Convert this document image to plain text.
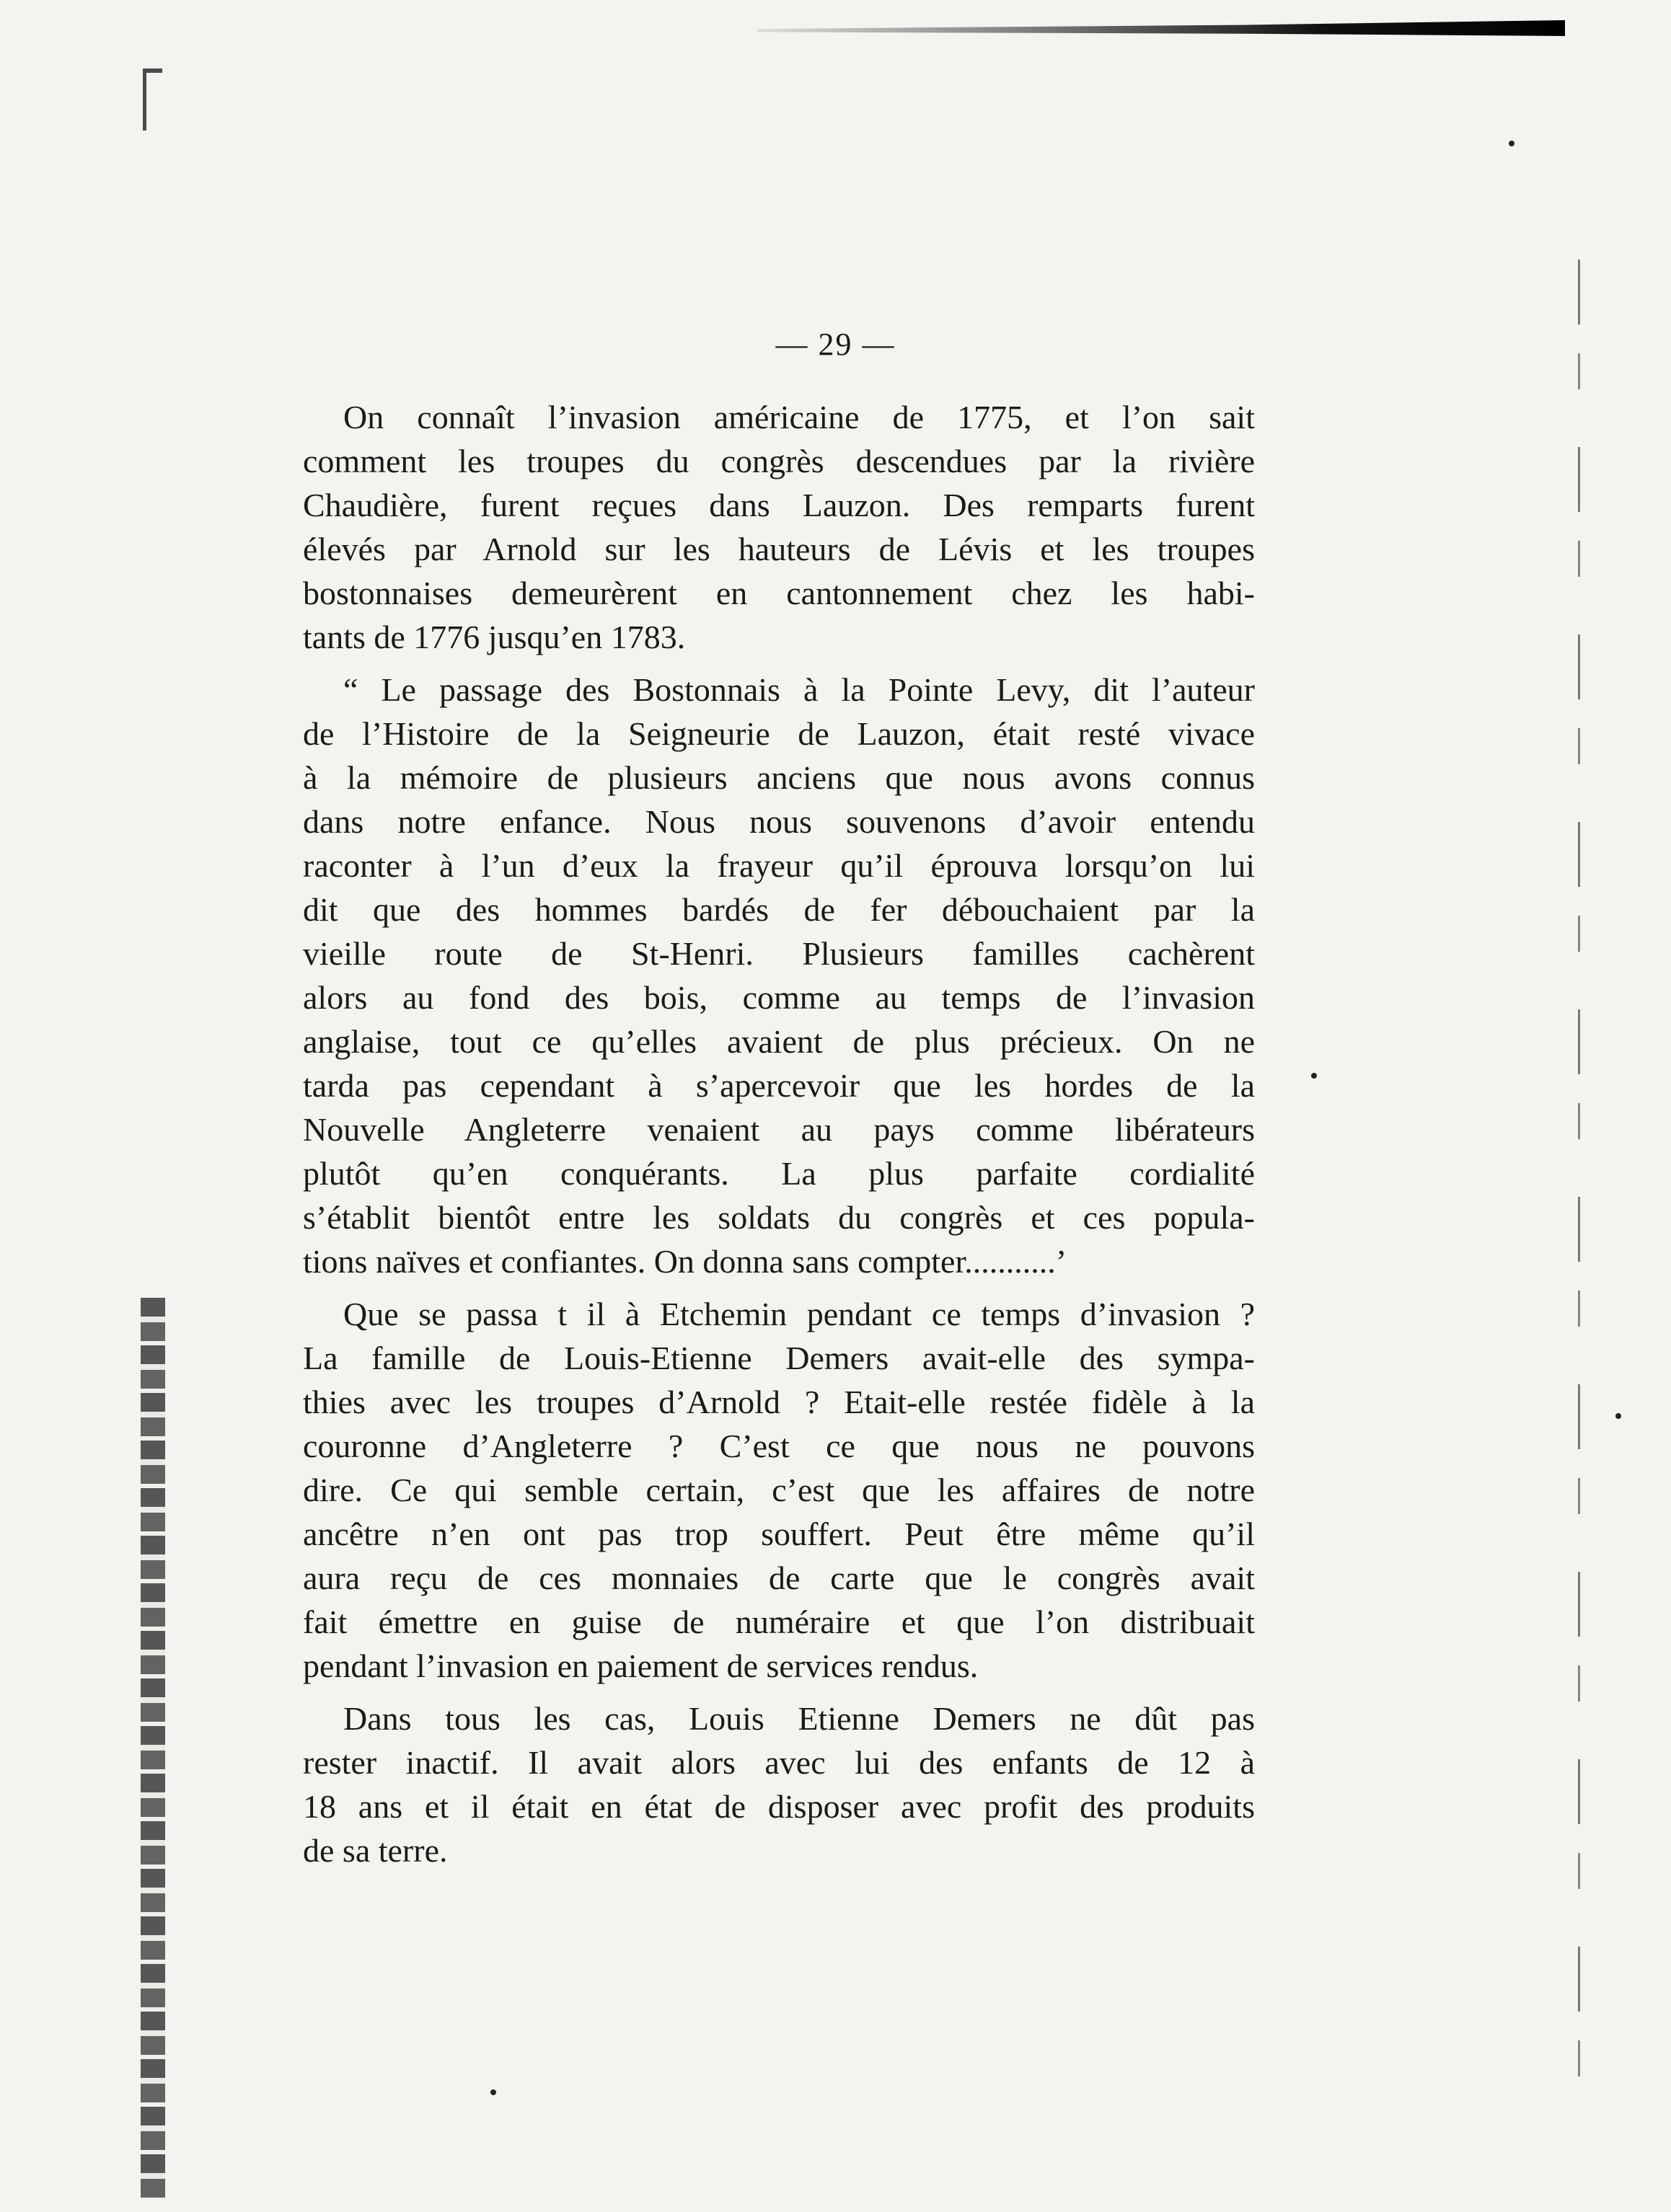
— 29 —

On connaît l’invasion américaine de 1775, et l’on sait
comment les troupes du congrès descendues par la rivière
Chaudière, furent reçues dans Lauzon. Des remparts furent
élevés par Arnold sur les hauteurs de Lévis et les troupes
bostonnaises demeurèrent en cantonnement chez les habi-
tants de 1776 jusqu’en 1783.

“ Le passage des Bostonnais à la Pointe Levy, dit l’auteur
de l’Histoire de la Seigneurie de Lauzon, était resté vivace
à la mémoire de plusieurs anciens que nous avons connus
dans notre enfance. Nous nous souvenons d’avoir entendu
raconter à l’un d’eux la frayeur qu’il éprouva lorsqu’on lui
dit que des hommes bardés de fer débouchaient par la
vieille route de St-Henri. Plusieurs familles cachèrent
alors au fond des bois, comme au temps de l’invasion
anglaise, tout ce qu’elles avaient de plus précieux. On ne
tarda pas cependant à s’apercevoir que les hordes de la
Nouvelle Angleterre venaient au pays comme libérateurs
plutôt qu’en conquérants. La plus parfaite cordialité
s’établit bientôt entre les soldats du congrès et ces popula-
tions naïves et confiantes. On donna sans compter...........’

Que se passa t il à Etchemin pendant ce temps d’invasion ?
La famille de Louis-Etienne Demers avait-elle des sympa-
thies avec les troupes d’Arnold ? Etait-elle restée fidèle à la
couronne d’Angleterre ? C’est ce que nous ne pouvons
dire. Ce qui semble certain, c’est que les affaires de notre
ancêtre n’en ont pas trop souffert. Peut être même qu’il
aura reçu de ces monnaies de carte que le congrès avait
fait émettre en guise de numéraire et que l’on distribuait
pendant l’invasion en paiement de services rendus.

Dans tous les cas, Louis Etienne Demers ne dût pas
rester inactif. Il avait alors avec lui des enfants de 12 à
18 ans et il était en état de disposer avec profit des produits
de sa terre.
